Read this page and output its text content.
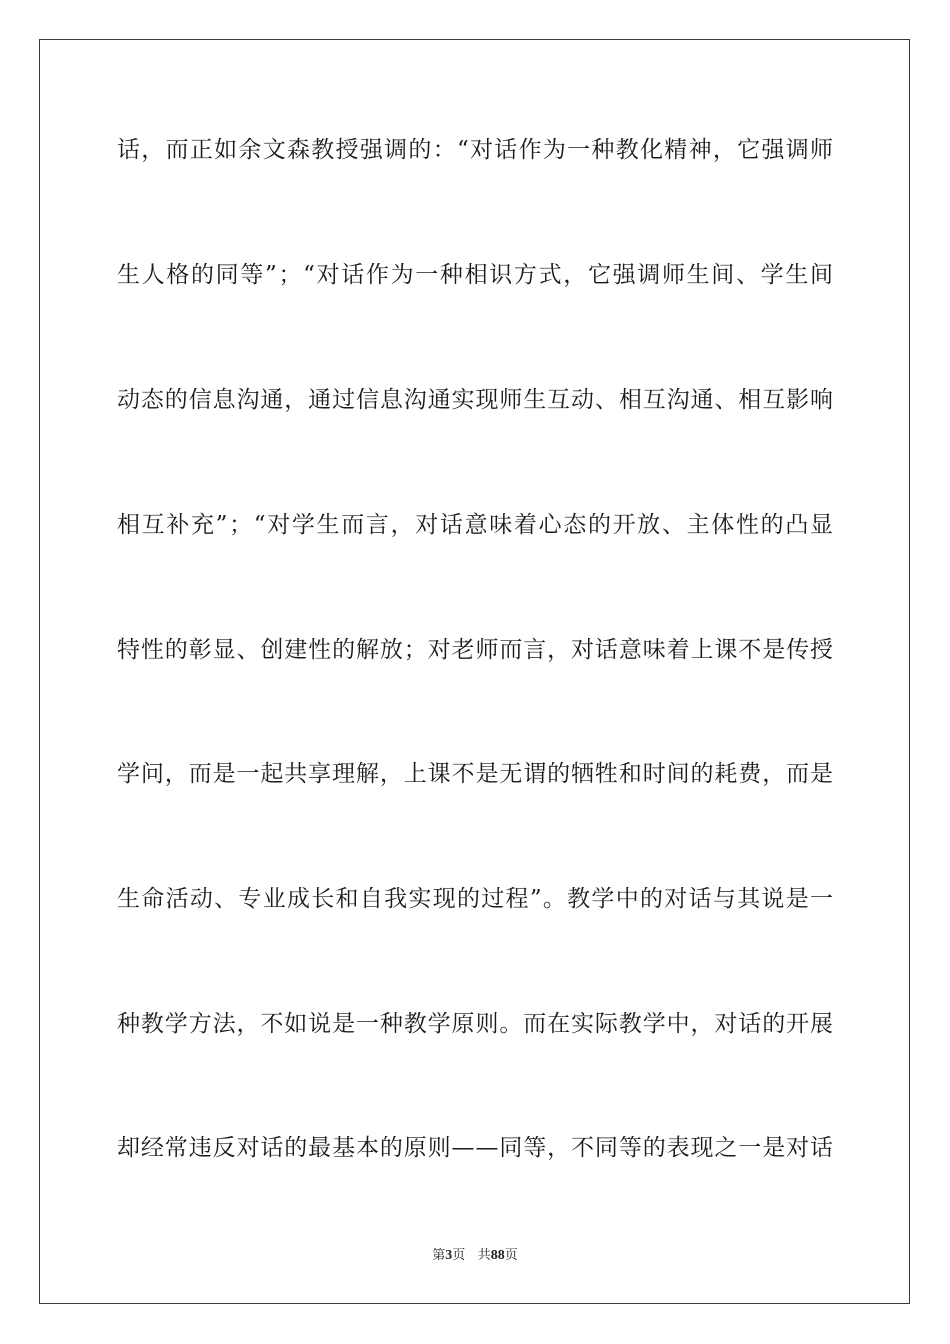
话，而正如余文森教授强调的：“对话作为一种教化精神，它强调师
生人格的同等”；“对话作为一种相识方式，它强调师生间、学生间
动态的信息沟通，通过信息沟通实现师生互动、相互沟通、相互影响
相互补充”；“对学生而言，对话意味着心态的开放、主体性的凸显
特性的彰显、创建性的解放；对老师而言，对话意味着上课不是传授
学问，而是一起共享理解，上课不是无谓的牺牲和时间的耗费，而是
生命活动、专业成长和自我实现的过程”。教学中的对话与其说是一
种教学方法，不如说是一种教学原则。而在实际教学中，对话的开展
却经常违反对话的最基本的原则——同等，不同等的表现之一是对话
第3页 共88页
